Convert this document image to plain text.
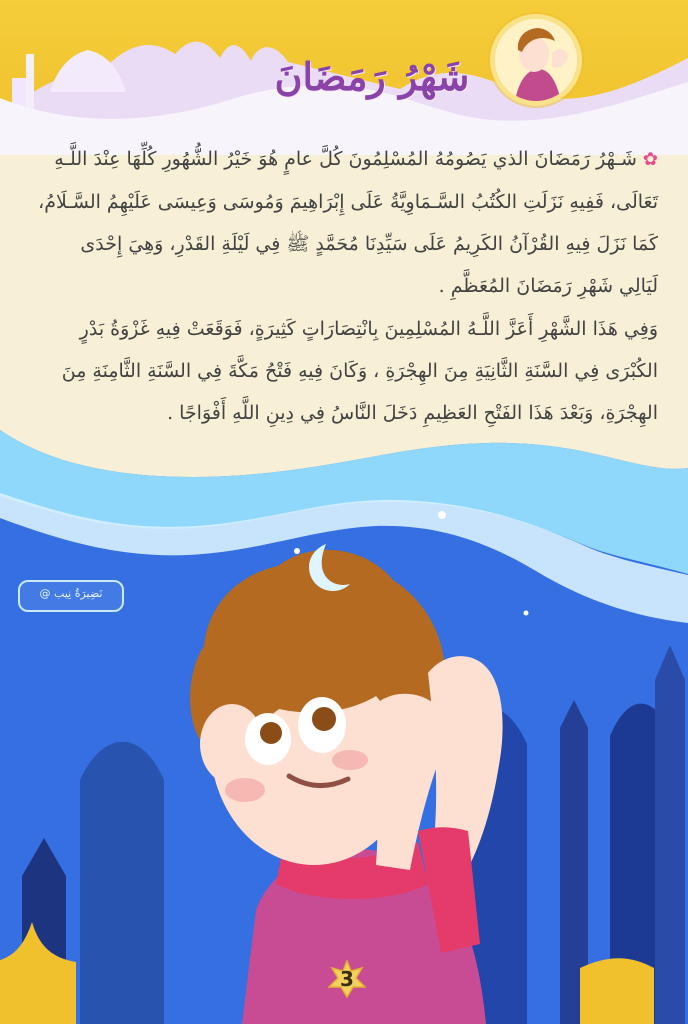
شَهْرُ رَمَضَانَ
✿شَـهْرُ رَمَضَانَ الذي يَصُومُهُ المُسْلِمُونَ كُلَّ عامٍ هُوَ خَيْرُ الشُّهُورِ كُلِّهَا عِنْدَ اللَّـهِ تَعَالَى، فَفِيهِ نَزَلَتِ الكُتُبُ السَّـمَاوِيَّةُ عَلَى إِبْرَاهِيمَ وَمُوسَى وَعِيسَى عَلَيْهِمُ السَّـلَامُ، كَمَا نَزَلَ فِيهِ القُرْآنُ الكَرِيمُ عَلَى سَيِّدِنَا مُحَمَّدٍ ﷺ فِي لَيْلَةِ القَدْرِ، وَهِيَ إِحْدَى لَيَالِي شَهْرِ رَمَضَانَ المُعَظَّمِ .
وَفِي هَذَا الشَّهْرِ أَعَزَّ اللَّـهُ المُسْلِمِينَ بِانْتِصَارَاتٍ كَثِيرَةٍ، فَوَقَعَتْ فِيهِ غَزْوَةُ بَدْرٍ الكُبْرَى فِي السَّنَةِ الثَّانِيَةِ مِنَ الهِجْرَةِ ، وَكَانَ فِيهِ فَتْحُ مَكَّةَ فِي السَّنَةِ الثَّامِنَةِ مِنَ الهِجْرَةِ، وَبَعْدَ هَذَا الفَتْحِ العَظِيمِ دَخَلَ النَّاسُ فِي دِينِ اللَّهِ أَفْوَاجًا .
نَضِيرَةُ نِيب @
3
